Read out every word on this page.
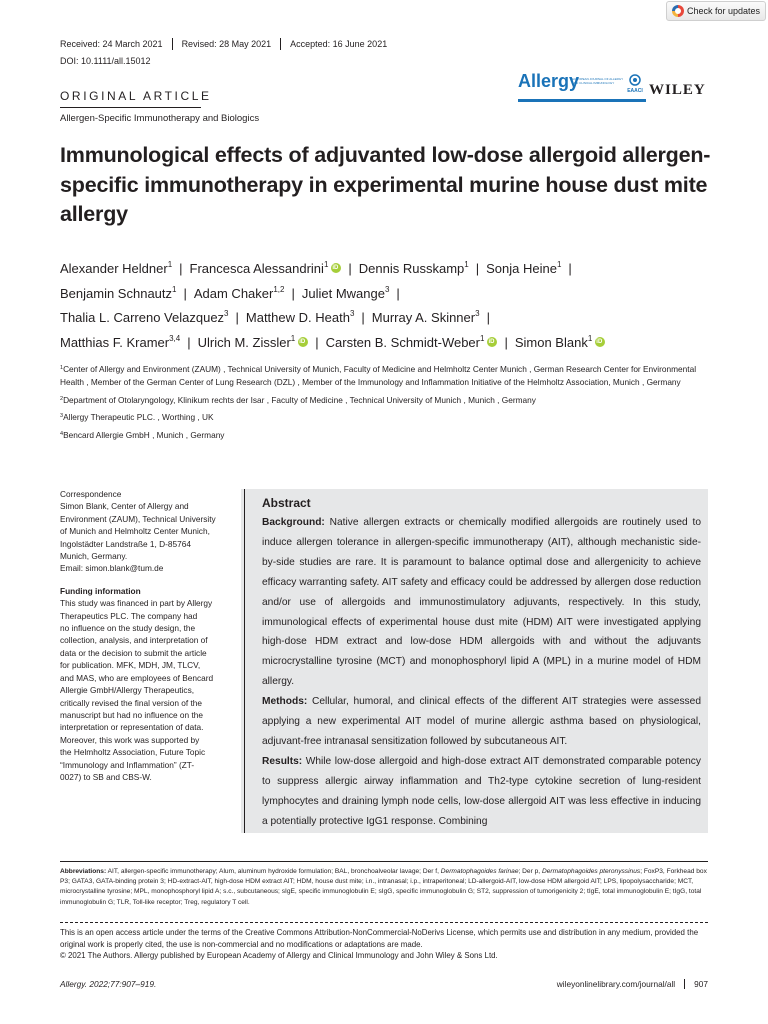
Check for updates
Received: 24 March 2021	Revised: 28 May 2021	Accepted: 16 June 2021
DOI: 10.1111/all.15012
Allergy
EUROPEAN JOURNAL OF ALLERGY AND CLINICAL IMMUNOLOGY
EAACI WILEY
ORIGINAL ARTICLE
Allergen-Specific Immunotherapy and Biologics
Immunological effects of adjuvanted low-dose allergoid allergen-specific immunotherapy in experimental murine house dust mite allergy
Alexander Heldner$^1$ | Francesca Alessandrini$^1$ iD | Dennis Russkamp$^1$ | Sonja Heine$^1$ |
Benjamin Schnautz$^1$ | Adam Chaker$^{1,2}$ | Juliet Mwange$^3$ |
Thalia L. Carreno Velazquez$^3$ | Matthew D. Heath$^3$ | Murray A. Skinner$^3$ |
Matthias F. Kramer$^{3,4}$ | Ulrich M. Zissler$^1$ iD | Carsten B. Schmidt-Weber$^1$ iD | Simon Blank$^1$iD

$^1$Center of Allergy and Environment (ZAUM) , Technical University of Munich, Faculty of Medicine and Helmholtz Center Munich , German Research Center for Environmental Health , Member of the German Center of Lung Research (DZL) , Member of the Immunology and Inflammation Initiative of the Helmholtz Association, Munich , Germany

$^2$Department of Otolaryngology, Klinikum rechts der Isar , Faculty of Medicine , Technical University of Munich , Munich , Germany

$^3$Allergy Therapeutic PLC. , Worthing , UK

$^4$Bencard Allergie GmbH , Munich , Germany

Correspondence
Simon Blank, Center of Allergy and
Environment (ZAUM), Technical University
of Munich and Helmholtz Center Munich,
Ingolstädter Landstraße 1, D-85764
Munich, Germany.
Email: simon.blank@tum.de
Funding information
This study was financed in part by Allergy
Therapeutics PLC. The company had
no influence on the study design, the
collection, analysis, and interpretation of
data or the decision to submit the article
for publication. MFK, MDH, JM, TLCV,
and MAS, who are employees of Bencard
Allergie GmbH/Allergy Therapeutics,
critically revised the final version of the
manuscript but had no influence on the
interpretation or representation of data.
Moreover, this work was supported by
the Helmholtz Association, Future Topic
“Immunology and Inflammation” (ZT-
0027) to SB and CBS-W.
Abstract

Background: Native allergen extracts or chemically modified allergoids are routinely used to induce allergen tolerance in allergen-specific immunotherapy (AIT), although mechanistic side-by-side studies are rare. It is paramount to balance optimal dose and allergenicity to achieve efficacy warranting safety. AIT safety and efficacy could be addressed by allergen dose reduction and/or use of allergoids and immunostimulatory adjuvants, respectively. In this study, immunological effects of experimental house dust mite (HDM) AIT were investigated applying high-dose HDM extract and low-dose HDM allergoids with and without the adjuvants microcrystalline tyrosine (MCT) and monophosphoryl lipid A (MPL) in a murine model of HDM allergy.
Methods: Cellular, humoral, and clinical effects of the different AIT strategies were assessed applying a new experimental AIT model of murine allergic asthma based on physiological, adjuvant-free intranasal sensitization followed by subcutaneous AIT.
Results: While low-dose allergoid and high-dose extract AIT demonstrated comparable potency to suppress allergic airway inflammation and Th2-type cytokine secretion of lung-resident lymphocytes and draining lymph node cells, low-dose allergoid AIT was less effective in inducing a potentially protective IgG1 response. Combining

Abbreviations: AIT, allergen-specific immunotherapy; Alum, aluminum hydroxide formulation; BAL, bronchoalveolar lavage; Der f, Dermatophagoides farinae; Der p, Dermatophagoides pteronyssinus; FoxP3, Forkhead box P3; GATA3, GATA-binding protein 3; HD-extract-AIT, high-dose HDM extract AIT; HDM, house dust mite; i.n., intranasal; i.p., intraperitoneal; LD-allergoid-AIT, low-dose HDM allergoid AIT; LPS, lipopolysaccharide; MCT, microcrystalline tyrosine; MPL, monophosphoryl lipid A; s.c., subcutaneous; sIgE, specific immunoglobulin E; sIgG, specific immunoglobulin G; ST2, suppression of tumorigenicity 2; tIgE, total immunoglobulin E; tIgG, total immunoglobulin G; TLR, Toll-like receptor; Treg, regulatory T cell.
This is an open access article under the terms of the Creative Commons Attribution-NonCommercial-NoDerivs License, which permits use and distribution in any medium, provided the original work is properly cited, the use is non-commercial and no modifications or adaptations are made.
© 2021 The Authors. Allergy published by European Academy of Allergy and Clinical Immunology and John Wiley & Sons Ltd.
Allergy. 2022;77:907–919.	wileyonlinelibrary.com/journal/all	907
